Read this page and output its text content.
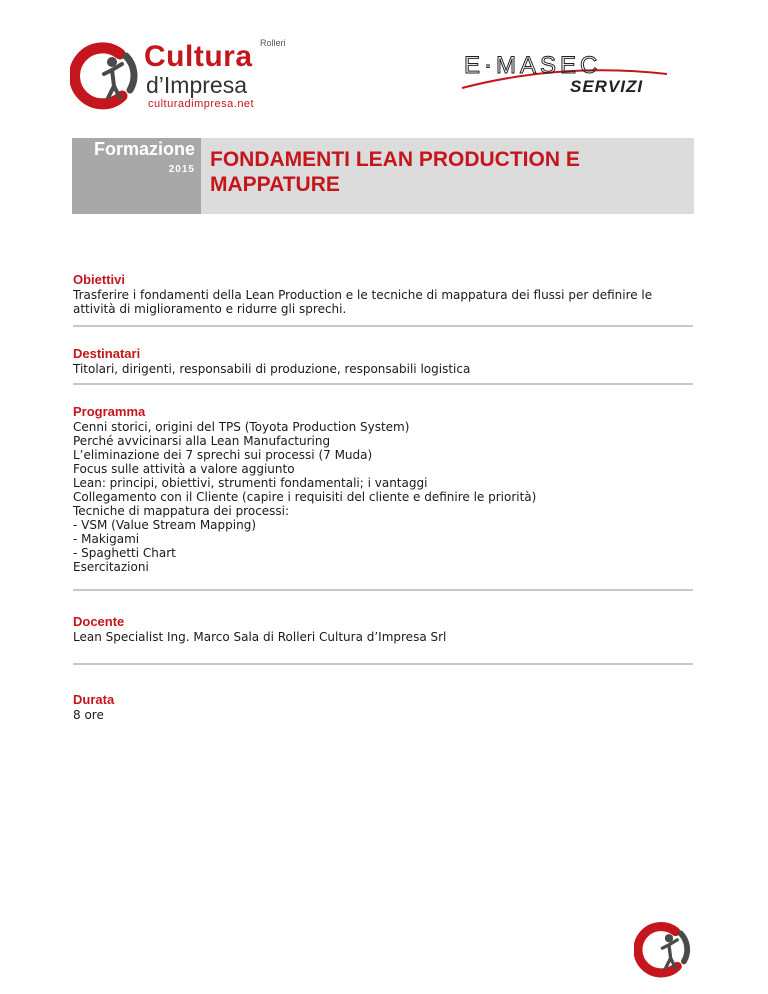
Rolleri
Cultura
d’Impresa
culturadimpresa.net
E·MASEC
SERVIZI
Formazione
2015 FONDAMENTI LEAN PRODUCTION E MAPPATURE
Obiettivi
Trasferire i fondamenti della Lean Production e le tecniche di mappatura dei flussi per definire le
attività di miglioramento e ridurre gli sprechi.
Destinatari
Titolari, dirigenti, responsabili di produzione, responsabili logistica
Programma
Cenni storici, origini del TPS (Toyota Production System)
Perché avvicinarsi alla Lean Manufacturing
L’eliminazione dei 7 sprechi sui processi (7 Muda)
Focus sulle attività a valore aggiunto
Lean: principi, obiettivi, strumenti fondamentali; i vantaggi
Collegamento con il Cliente (capire i requisiti del cliente e definire le priorità)
Tecniche di mappatura dei processi:
- VSM (Value Stream Mapping)
- Makigami
- Spaghetti Chart
Esercitazioni
Docente
Lean Specialist Ing. Marco Sala di Rolleri Cultura d’Impresa Srl
Durata
8 ore
